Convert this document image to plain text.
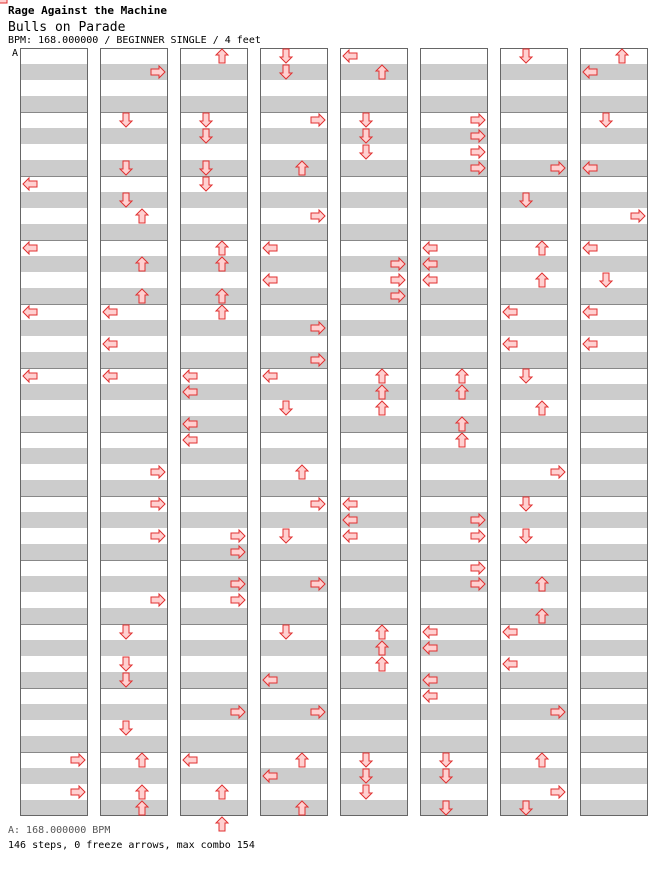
Rage Against the Machine
Bulls on Parade
BPM: 168.000000 / BEGINNER SINGLE / 4 feet
A
A: 168.000000 BPM
146 steps, 0 freeze arrows, max combo 154
